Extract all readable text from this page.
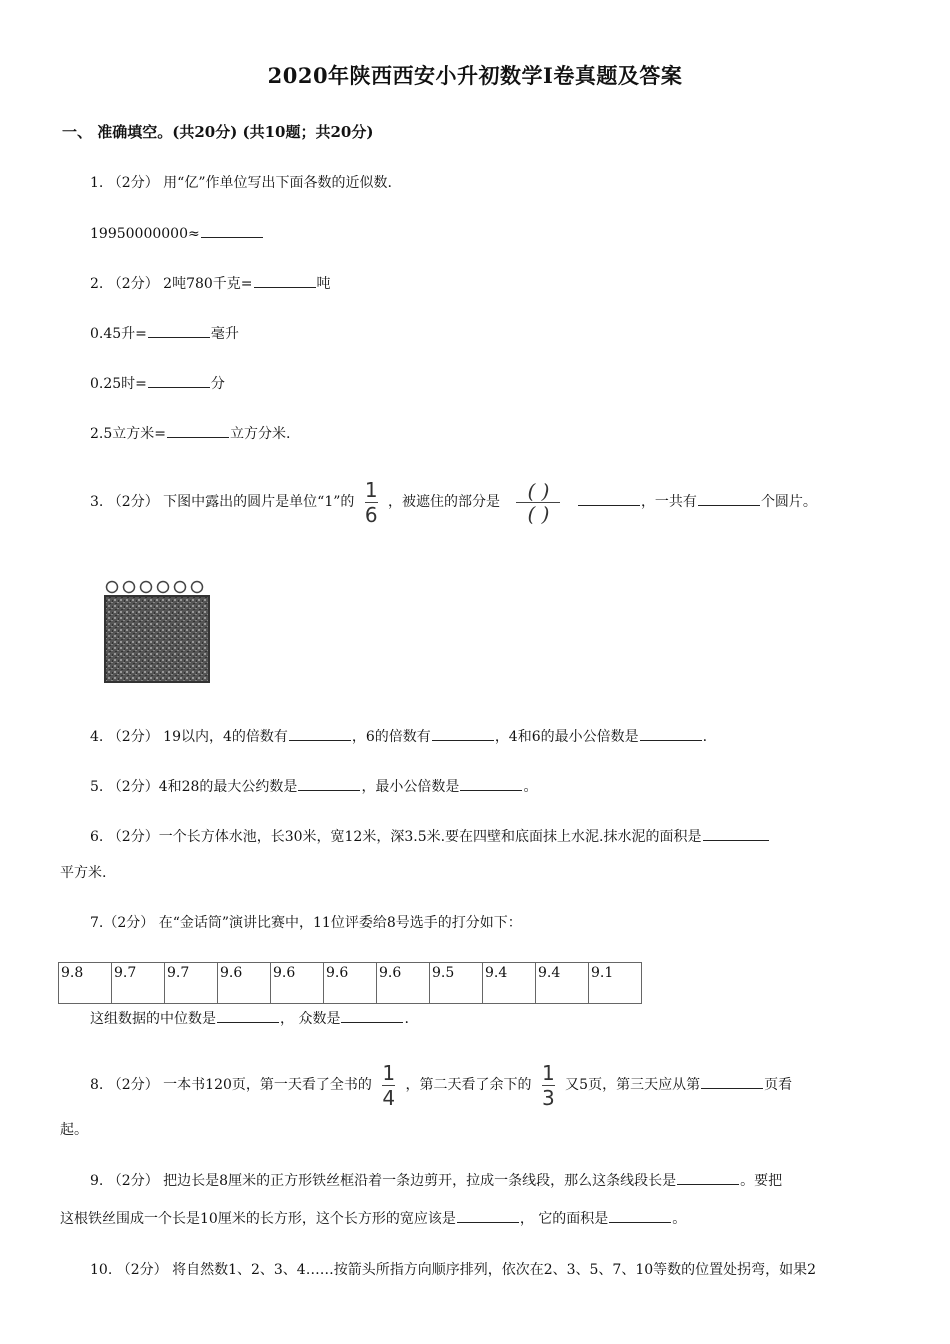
2020年陕西西安小升初数学Ⅰ卷真题及答案
一、 准确填空。(共20分) (共10题；共20分)
1. （2分） 用“亿”作单位写出下面各数的近似数.
19950000000≈
2. （2分） 2吨780千克=	吨
0.45升=	毫升
0.25时=	分
2.5立方米=	立方分米.
3. （2分） 下图中露出的圆片是单位“1”的 $\frac{1}{6}$ ，被遮住的部分是 $\frac{( )}{( )}$	，一共有	个圆片。
4. （2分） 19以内，4的倍数有	，6的倍数有	，4和6的最小公倍数是	.
5. （2分）4和28的最大公约数是	，最小公倍数是	。
6. （2分）一个长方体水池，长30米，宽12米，深3.5米.要在四壁和底面抹上水泥.抹水泥的面积是
平方米.
7.（2分） 在“金话筒”演讲比赛中，11位评委给8号选手的打分如下：
9.8	9.7	9.7	9.6	9.6	9.6	9.6	9.5	9.4	9.4	9.1
这组数据的中位数是	， 众数是	.
8. （2分） 一本书120页，第一天看了全书的 $\frac{1}{4}$ ，第二天看了余下的 $\frac{1}{3}$ 又5页，第三天应从第	页看
起。
9. （2分） 把边长是8厘米的正方形铁丝框沿着一条边剪开，拉成一条线段，那么这条线段长是	。要把
这根铁丝围成一个长是10厘米的长方形，这个长方形的宽应该是	， 它的面积是	。
10. （2分） 将自然数1、2、3、4……按箭头所指方向顺序排列，依次在2、3、5、7、10等数的位置处拐弯，如果2
